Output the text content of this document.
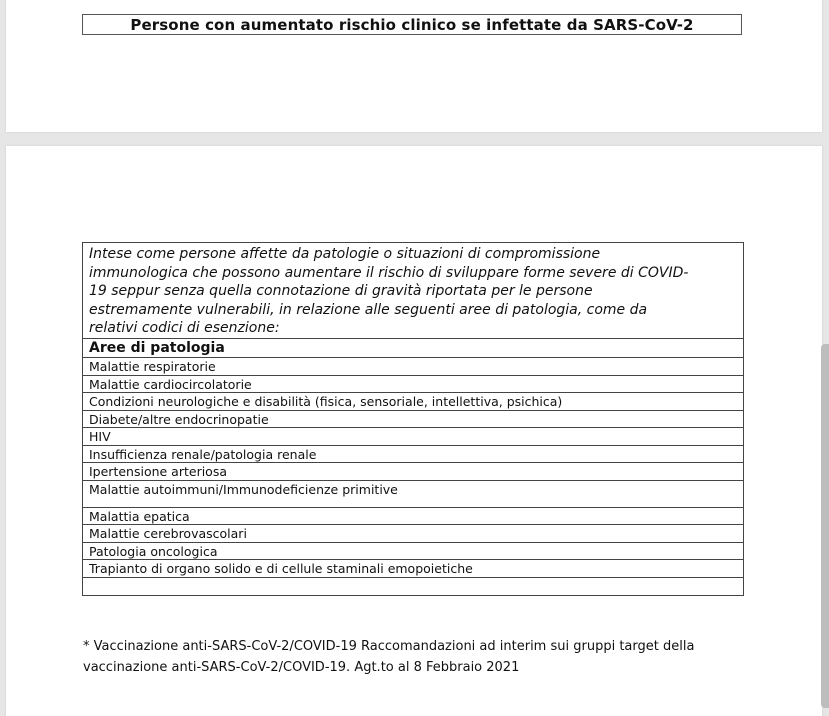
Persone con aumentato rischio clinico se infettate da SARS-CoV-2
Intese come persone affette da patologie o situazioni di compromissione
immunologica che possono aumentare il rischio di sviluppare forme severe di COVID-
19 seppur senza quella connotazione di gravità riportata per le persone
estremamente vulnerabili, in relazione alle seguenti aree di patologia, come da
relativi codici di esenzione:
Aree di patologia
Malattie respiratorie
Malattie cardiocircolatorie
Condizioni neurologiche e disabilità (fisica, sensoriale, intellettiva, psichica)
Diabete/altre endocrinopatie
HIV
Insufficienza renale/patologia renale
Ipertensione arteriosa
Malattie autoimmuni/Immunodeficienze primitive
Malattia epatica
Malattie cerebrovascolari
Patologia oncologica
Trapianto di organo solido e di cellule staminali emopoietiche
* Vaccinazione anti-SARS-CoV-2/COVID-19 Raccomandazioni ad interim sui gruppi target della
vaccinazione anti-SARS-CoV-2/COVID-19. Agt.to al 8 Febbraio 2021
